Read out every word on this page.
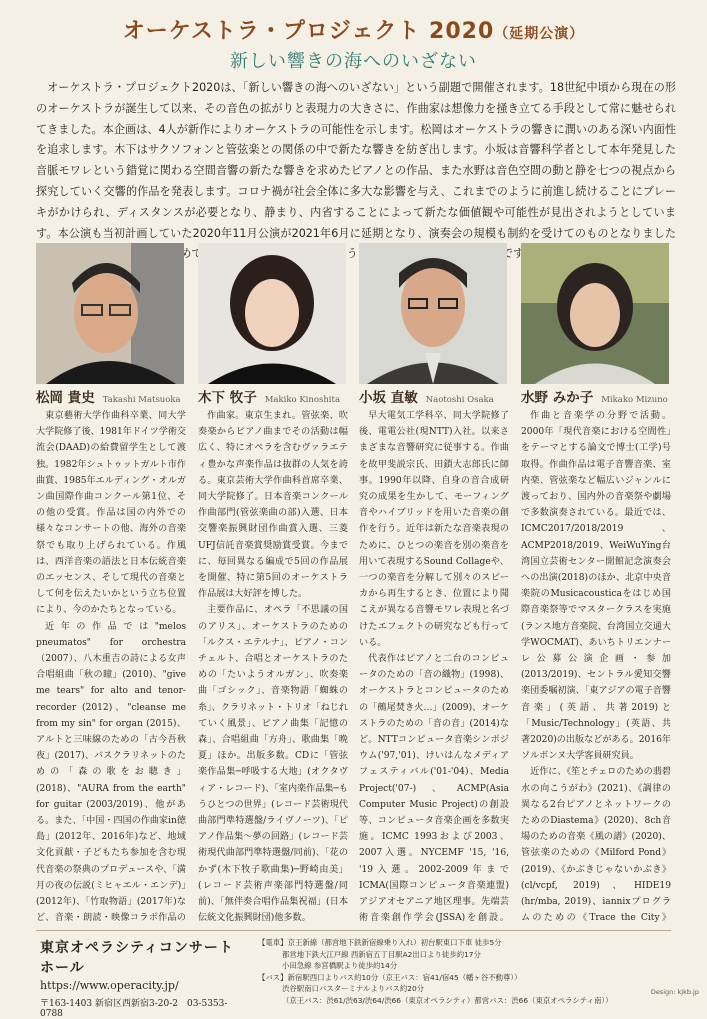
オーケストラ・プロジェクト 2020（延期公演）
新しい響きの海へのいざない
オーケストラ・プロジェクト2020は、「新しい響きの海へのいざない」という副題で開催されます。18世紀中頃から現在の形のオーケストラが誕生して以来、その音色の拡がりと表現力の大きさに、作曲家は想像力を掻き立てる手段として常に魅せられてきました。本企画は、4人が新作によりオーケストラの可能性を示します。松岡はオーケストラの響きに潤いのある深い内面性を追求します。木下はサクソフォンと管弦楽との関係の中で新たな響きを紡ぎ出します。小坂は音響科学者として本年発見した音脈モワレという錯覚に関わる空間音響の新たな響きを求めたピアノとの作品、また水野は音色空間の動と静を七つの視点から探究していく交響的作品を発表します。コロナ禍が社会全体に多大な影響を与え、これまでのように前進し続けることにブレーキがかけられ、ディスタンスが必要となり、静まり、内省することによって新たな価値観や可能性が見出されようとしています。本公演も当初計画していた2020年11月公演が2021年6月に延期となり、演奏会の規模も制約を受けてのものとなりました めて問い直し、響き合い、心が通うコンサートにしていくつもりです。
松岡 貴史 Takashi Matsuoka 木下 牧子 Makiko Kinoshita 小坂 直敏 Naotoshi Osaka 水野 みか子 Mikako Mizuno

東京藝術大学作曲科卒業、同大学大学院修了後、1981年ドイツ学術交流会(DAAD)の給費留学生として渡独。1982年シュトゥットガルト市作曲賞、1985年エルディング・オルガン曲国際作曲コンクール第1位、その他の受賞。作品は国の内外での様々なコンサートの他、海外の音楽祭でも取り上げられている。作風は、西洋音楽の語法と日本伝統音楽のエッセンス、そして現代の音楽として何を伝えたいかという立ち位置により、今のかたちとなっている。

近年の作品では"melos pneumatos" for orchestra（2007）、八木重吉の詩による女声合唱組曲「秋の瞳」(2010)、"give me tears" for alto and tenor-recorder (2012)、"cleanse me from my sin" for organ (2015)、アルトと三味線のための「古今吾秋夜」(2017)、バスクラリネットのための「森の歌をお聴き」(2018)、"AURA from the earth" for guitar (2003/2019)、他がある。また、「中国・四国の作曲家in徳島」(2012年、2016年)など、地域文化貢献・子どもたち参加を含む現代音楽の祭典のプロデュースや、「満月の夜の伝説(ミヒャエル・エンデ)」(2012年)、「竹取物語」(2017年)など、音楽・朗読・映像コラボ作品の

作曲家。東京生まれ。管弦楽、吹奏楽からピアノ曲までその活動は幅広く、特にオペラを含むヴァラエティ豊かな声楽作品は抜群の人気を誇る。東京芸術大学作曲科首席卒業、同大学院修了。日本音楽コンクール作曲部門(管弦楽曲の部)入選、日本交響楽振興財団作曲賞入選、三菱UFJ信託音楽賞奨励賞受賞。今までに、毎回異なる編成で5回の作品展を開催、特に第5回のオーケストラ作品展は大好評を博した。

主要作品に、オペラ「不思議の国のアリス」、オーケストラのための「ルクス・エテルナ」、ピアノ・コンチェルト、合唱とオーケストラのための「たいようオルガン」、吹奏楽曲「ゴシック」、音楽物語「蜘蛛の糸」、クラリネット・トリオ「ねじれていく風景」、ピアノ曲集「記憶の森」、合唱組曲「方舟」、歌曲集「晩夏」ほか。出版多数。CDに「管弦楽作品集─呼吸する大地」(オクタヴィア・レコード)、「室内楽作品集─もうひとつの世界」(レコード芸術現代曲部門準特選盤/ライヴノーツ)、「ピアノ作品集～夢の回路」(レコード芸術現代曲部門準特選盤/同前)、「花のかず(木下牧子歌曲集)─野崎由美」(レコード芸術声楽部門特選盤/同前)、「無伴奏合唱作品集祝福」(日本伝統文化振興財団)他多数。

早大電気工学科卒、同大学院修了後、電電公社(現NTT)入社。以来さまざまな音響研究に従事する。作曲を故甲斐説宗氏、田鎖大志郎氏に師事。1990年以降、自身の音合成研究の成果を生かして、モーフィング音やハイブリッドを用いた音楽の創作を行う。近年は新たな音楽表現のために、ひとつの楽音を別の楽音を用いて表現するSound Collageや、一つの楽音を分解して別々のスピーカから再生するとき、位置により聞こえが異なる音響モワレ表現と名づけたエフェクトの研究なども行っている。

代表作はピアノと二台のコンピュータのための「音の織物」(1998)、オーケストラとコンピュータのための「鵺尾焚き火…」(2009)、オーケストラのための「音の音」(2014)など。NTTコンピュータ音楽シンポジウム('97,'01)、けいはんなメディアフェスティバル('01-'04)、Media Project('07-)、ACMP(Asia Computer Music Project)の創設等、コンピュータ音楽企画を多数実施。ICMC 1993および2003、2007入選。NYCEMF '15, '16, '19入選。2002-2009年までICMA(国際コンピュータ音楽連盟)アジアオセアニア地区理事。先端芸術音楽創作学会(JSSA)を創設。

作曲と音楽学の分野で活動。2000年「現代音楽における空間性」をテーマとする論文で博士(工学)号取得。作曲作品は電子音響音楽、室内楽、管弦楽など幅広いジャンルに渡っており、国内外の音楽祭や劇場で多数演奏されている。最近では、ICMC2017/2018/2019、ACMP2018/2019、WeiWuYing台湾国立芸術センター開館記念演奏会への出演(2018)のほか、北京中央音楽院のMusicacousticaをはじめ国際音楽祭等でマスタークラスを実施(ランス地方音楽院、台湾国立交通大学WOCMAT)、あいちトリエンナーレ公募公演企画・参加(2013/2019)、セントラル愛知交響楽団委嘱初演、「東アジアの電子音響音楽」(英語、共著2019)と「Music/Technology」(英語、共著2020)の出版などがある。2016年ソルボンヌ大学客員研究員。

近作に、《笙とチェロのための翡碧水の向こうがわ》(2021)、《調律の異なる2台ピアノとネットワークのためのDiastema》(2020)、8ch音場のための音楽《風の譜》(2020)、管弦楽のための《Milford Pond》(2019)、《かぶきじゃないかぶき》(cl/vcpf, 2019)、HIDE19 (hr/mba, 2019)、iannixプログラムのための《Trace the City》

東京オペラシティコンサートホール
https://www.operacity.jp/
〒163-1403 新宿区西新宿3-20-2　03-5353-0788
【電車】京王新線（都営地下鉄新宿線乗り入れ）初台駅東口下車 徒歩5分
都営地下鉄大江戸線 西新宿五丁目駅A2出口より徒歩約17分
小田急線 参宮橋駅より徒歩約14分
【バス】新宿駅西口よりバス約10分（京王バス：宿41/宿45（幡ヶ谷不動尊））
渋谷駅南口バスターミナルよりバス約20分
（京王バス：渋61/渋63/渋64/渋66（東京オペラシティ）都営バス：渋66（東京オペラシティ南））
Design: kjkb.jp
